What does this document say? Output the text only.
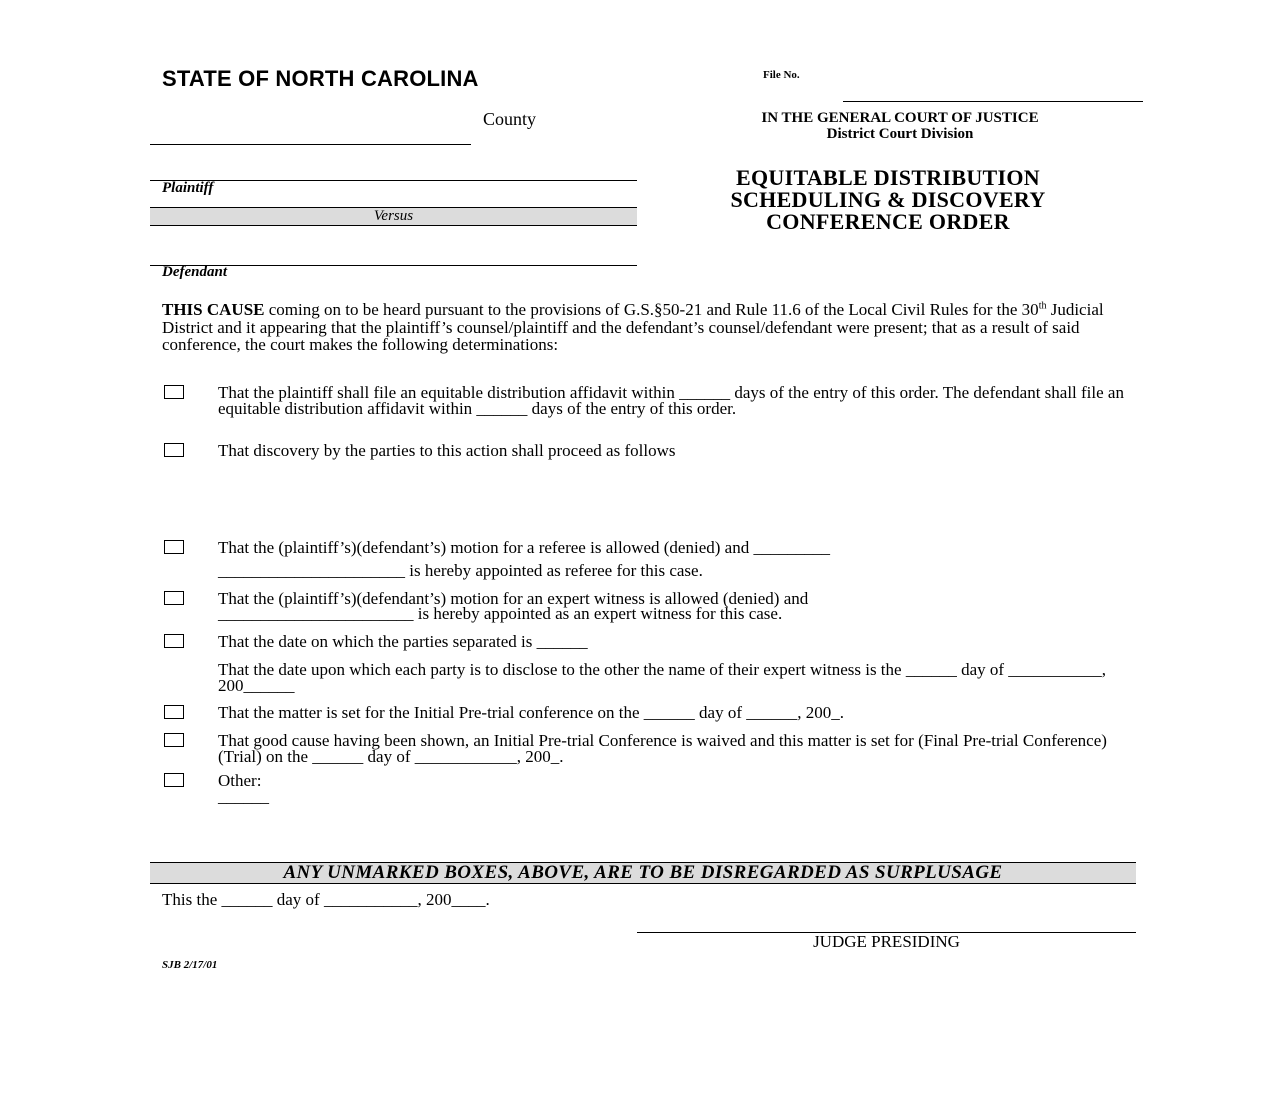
STATE OF NORTH CAROLINA	File No.
County	IN THE GENERAL COURT OF JUSTICE
District Court Division
EQUITABLE DISTRIBUTION
SCHEDULING & DISCOVERY
CONFERENCE ORDER
Plaintiff
Versus
Defendant
THIS CAUSE coming on to be heard pursuant to the provisions of G.S.§50-21 and Rule 11.6 of the Local Civil Rules for the 30th Judicial District and it appearing that the plaintiff’s counsel/plaintiff and the defendant’s counsel/defendant were present; that as a result of said conference, the court makes the following determinations:
That the plaintiff shall file an equitable distribution affidavit within ______ days of the entry of this order. The defendant shall file an equitable distribution affidavit within ______ days of the entry of this order.
That discovery by the parties to this action shall proceed as follows
That the (plaintiff’s)(defendant’s) motion for a referee is allowed (denied) and _________
______________________ is hereby appointed as referee for this case.
That the (plaintiff’s)(defendant’s) motion for an expert witness is allowed (denied) and
_______________________ is hereby appointed as an expert witness for this case.
That the date on which the parties separated is ______
That the date upon which each party is to disclose to the other the name of their expert witness is the ______ day of ___________, 200______
That the matter is set for the Initial Pre-trial conference on the ______ day of ______, 200_.
That good cause having been shown, an Initial Pre-trial Conference is waived and this matter is set for (Final Pre-trial Conference) (Trial) on the ______ day of ____________, 200_.
Other:
______
ANY UNMARKED BOXES, ABOVE, ARE TO BE DISREGARDED AS SURPLUSAGE
This the ______ day of ___________, 200____.
JUDGE PRESIDING
SJB 2/17/01
